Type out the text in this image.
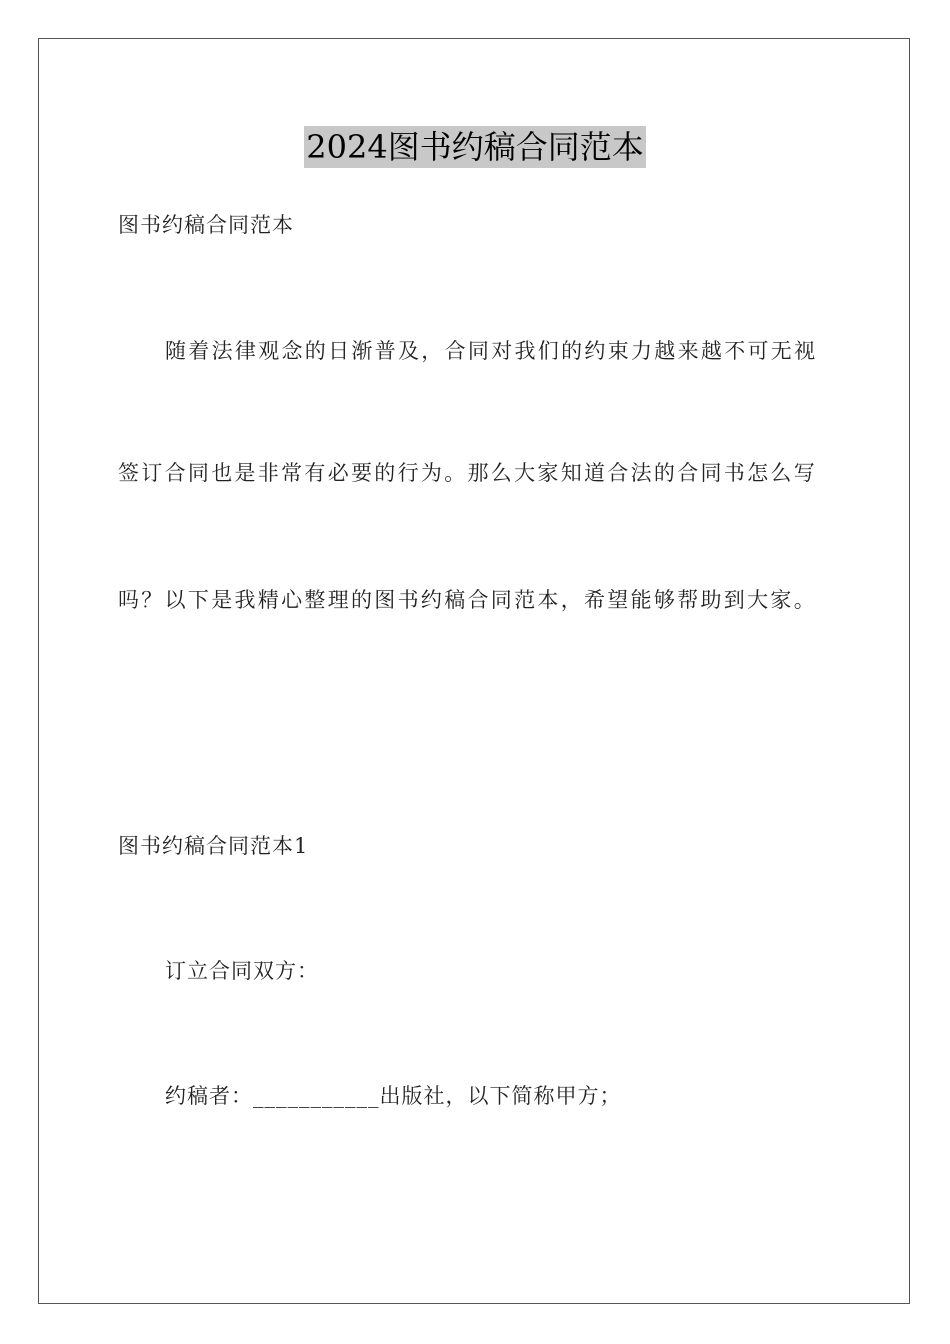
2024图书约稿合同范本
图书约稿合同范本
随着法律观念的日渐普及，合同对我们的约束力越来越不可无视
签订合同也是非常有必要的行为。那么大家知道合法的合同书怎么写
吗？以下是我精心整理的图书约稿合同范本，希望能够帮助到大家。
图书约稿合同范本1
订立合同双方：
约稿者：___________出版社，以下简称甲方；
